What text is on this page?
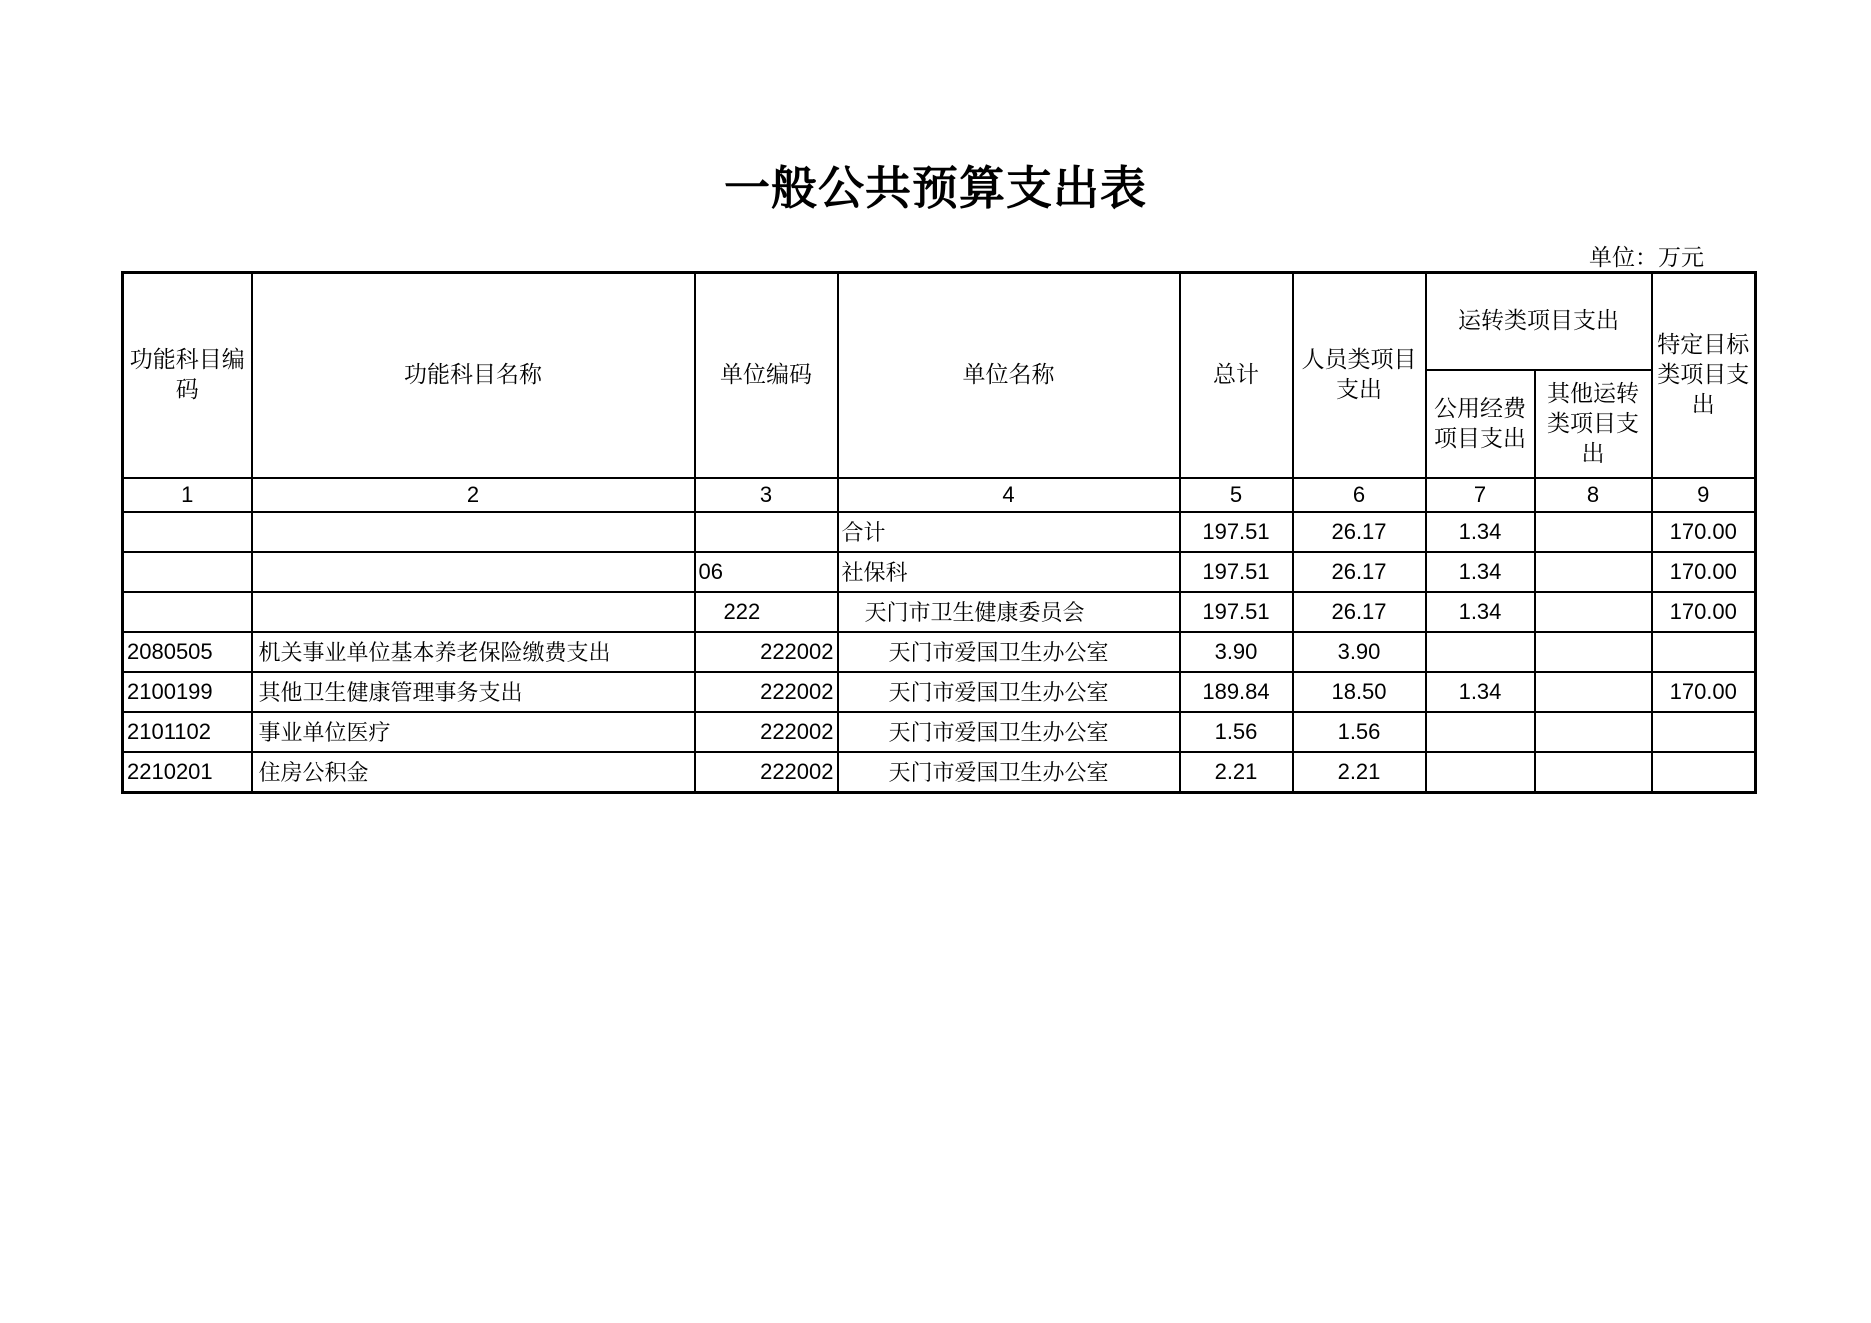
一般公共预算支出表
单位：万元
功能科目编码	功能科目名称	单位编码	单位名称	总计	人员类项目支出	运转类项目支出		特定目标类项目支出
						公用经费项目支出	其他运转类项目支出	
1	2	3	4	5	6	7	8	9
			合计	197.51	26.17	1.34		170.00
		06	社保科	197.51	26.17	1.34		170.00
		222	天门市卫生健康委员会	197.51	26.17	1.34		170.00
2080505	机关事业单位基本养老保险缴费支出	222002	天门市爱国卫生办公室	3.90	3.90			
2100199	其他卫生健康管理事务支出	222002	天门市爱国卫生办公室	189.84	18.50	1.34		170.00
2101102	事业单位医疗	222002	天门市爱国卫生办公室	1.56	1.56			
2210201	住房公积金	222002	天门市爱国卫生办公室	2.21	2.21			
